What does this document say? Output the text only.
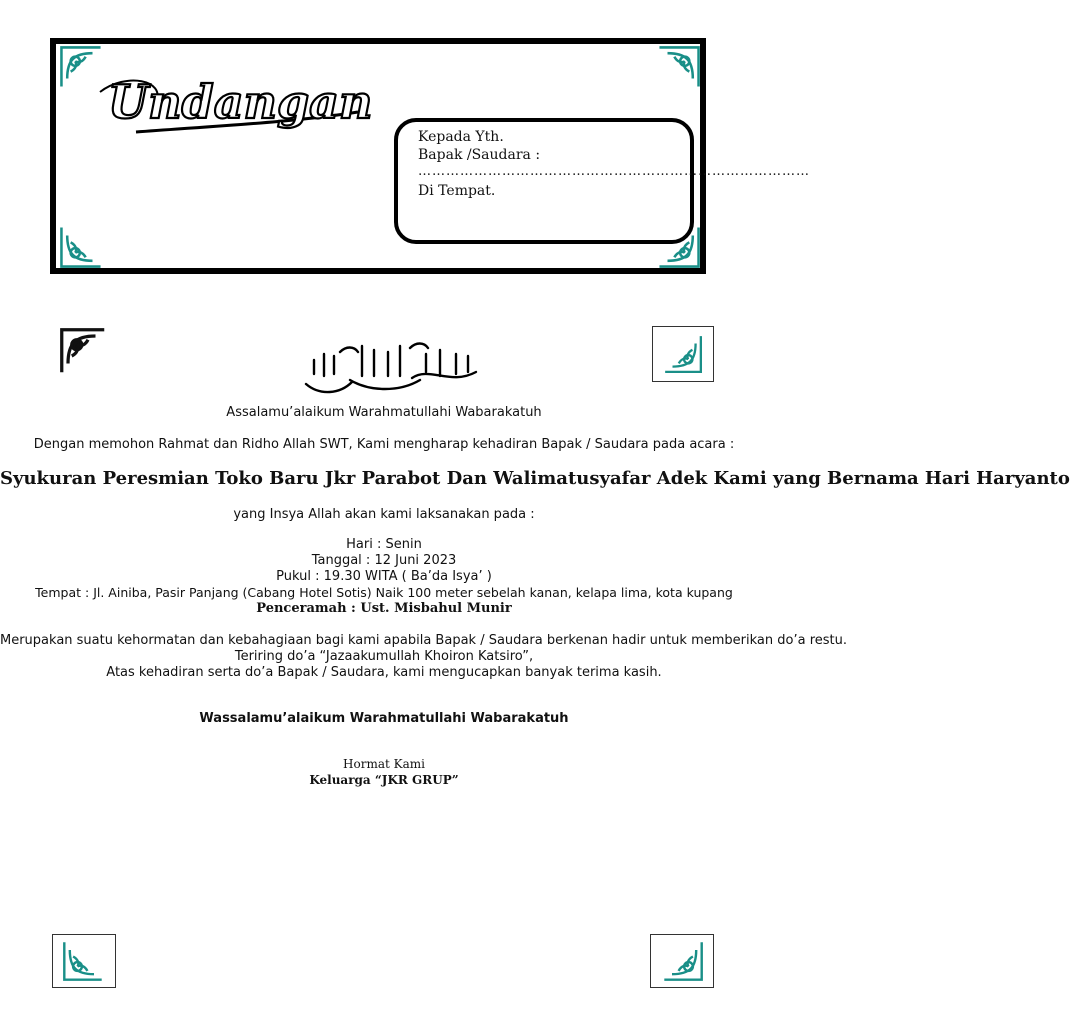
Undangan
Kepada Yth.
Bapak /Saudara :
…………………………………………………………………………
Di Tempat.
Assalamu’alaikum Warahmatullahi Wabarakatuh
Dengan memohon Rahmat dan Ridho Allah SWT, Kami mengharap kehadiran Bapak / Saudara pada acara :
Syukuran Peresmian Toko Baru Jkr Parabot Dan Walimatusyafar Adek Kami yang Bernama Hari Haryanto
yang Insya Allah akan kami laksanakan pada :
Hari : Senin
Tanggal : 12 Juni 2023
Pukul : 19.30 WITA ( Ba’da Isya’ )
Tempat : Jl. Ainiba, Pasir Panjang (Cabang Hotel Sotis) Naik 100 meter sebelah kanan, kelapa lima, kota kupang
Penceramah : Ust. Misbahul Munir
Merupakan suatu kehormatan dan kebahagiaan bagi kami apabila Bapak / Saudara berkenan hadir untuk memberikan do’a restu.
Teriring do’a “Jazaakumullah Khoiron Katsiro”,
Atas kehadiran serta do’a Bapak / Saudara, kami mengucapkan banyak terima kasih.
Wassalamu’alaikum Warahmatullahi Wabarakatuh
Hormat Kami
Keluarga “JKR GRUP”
